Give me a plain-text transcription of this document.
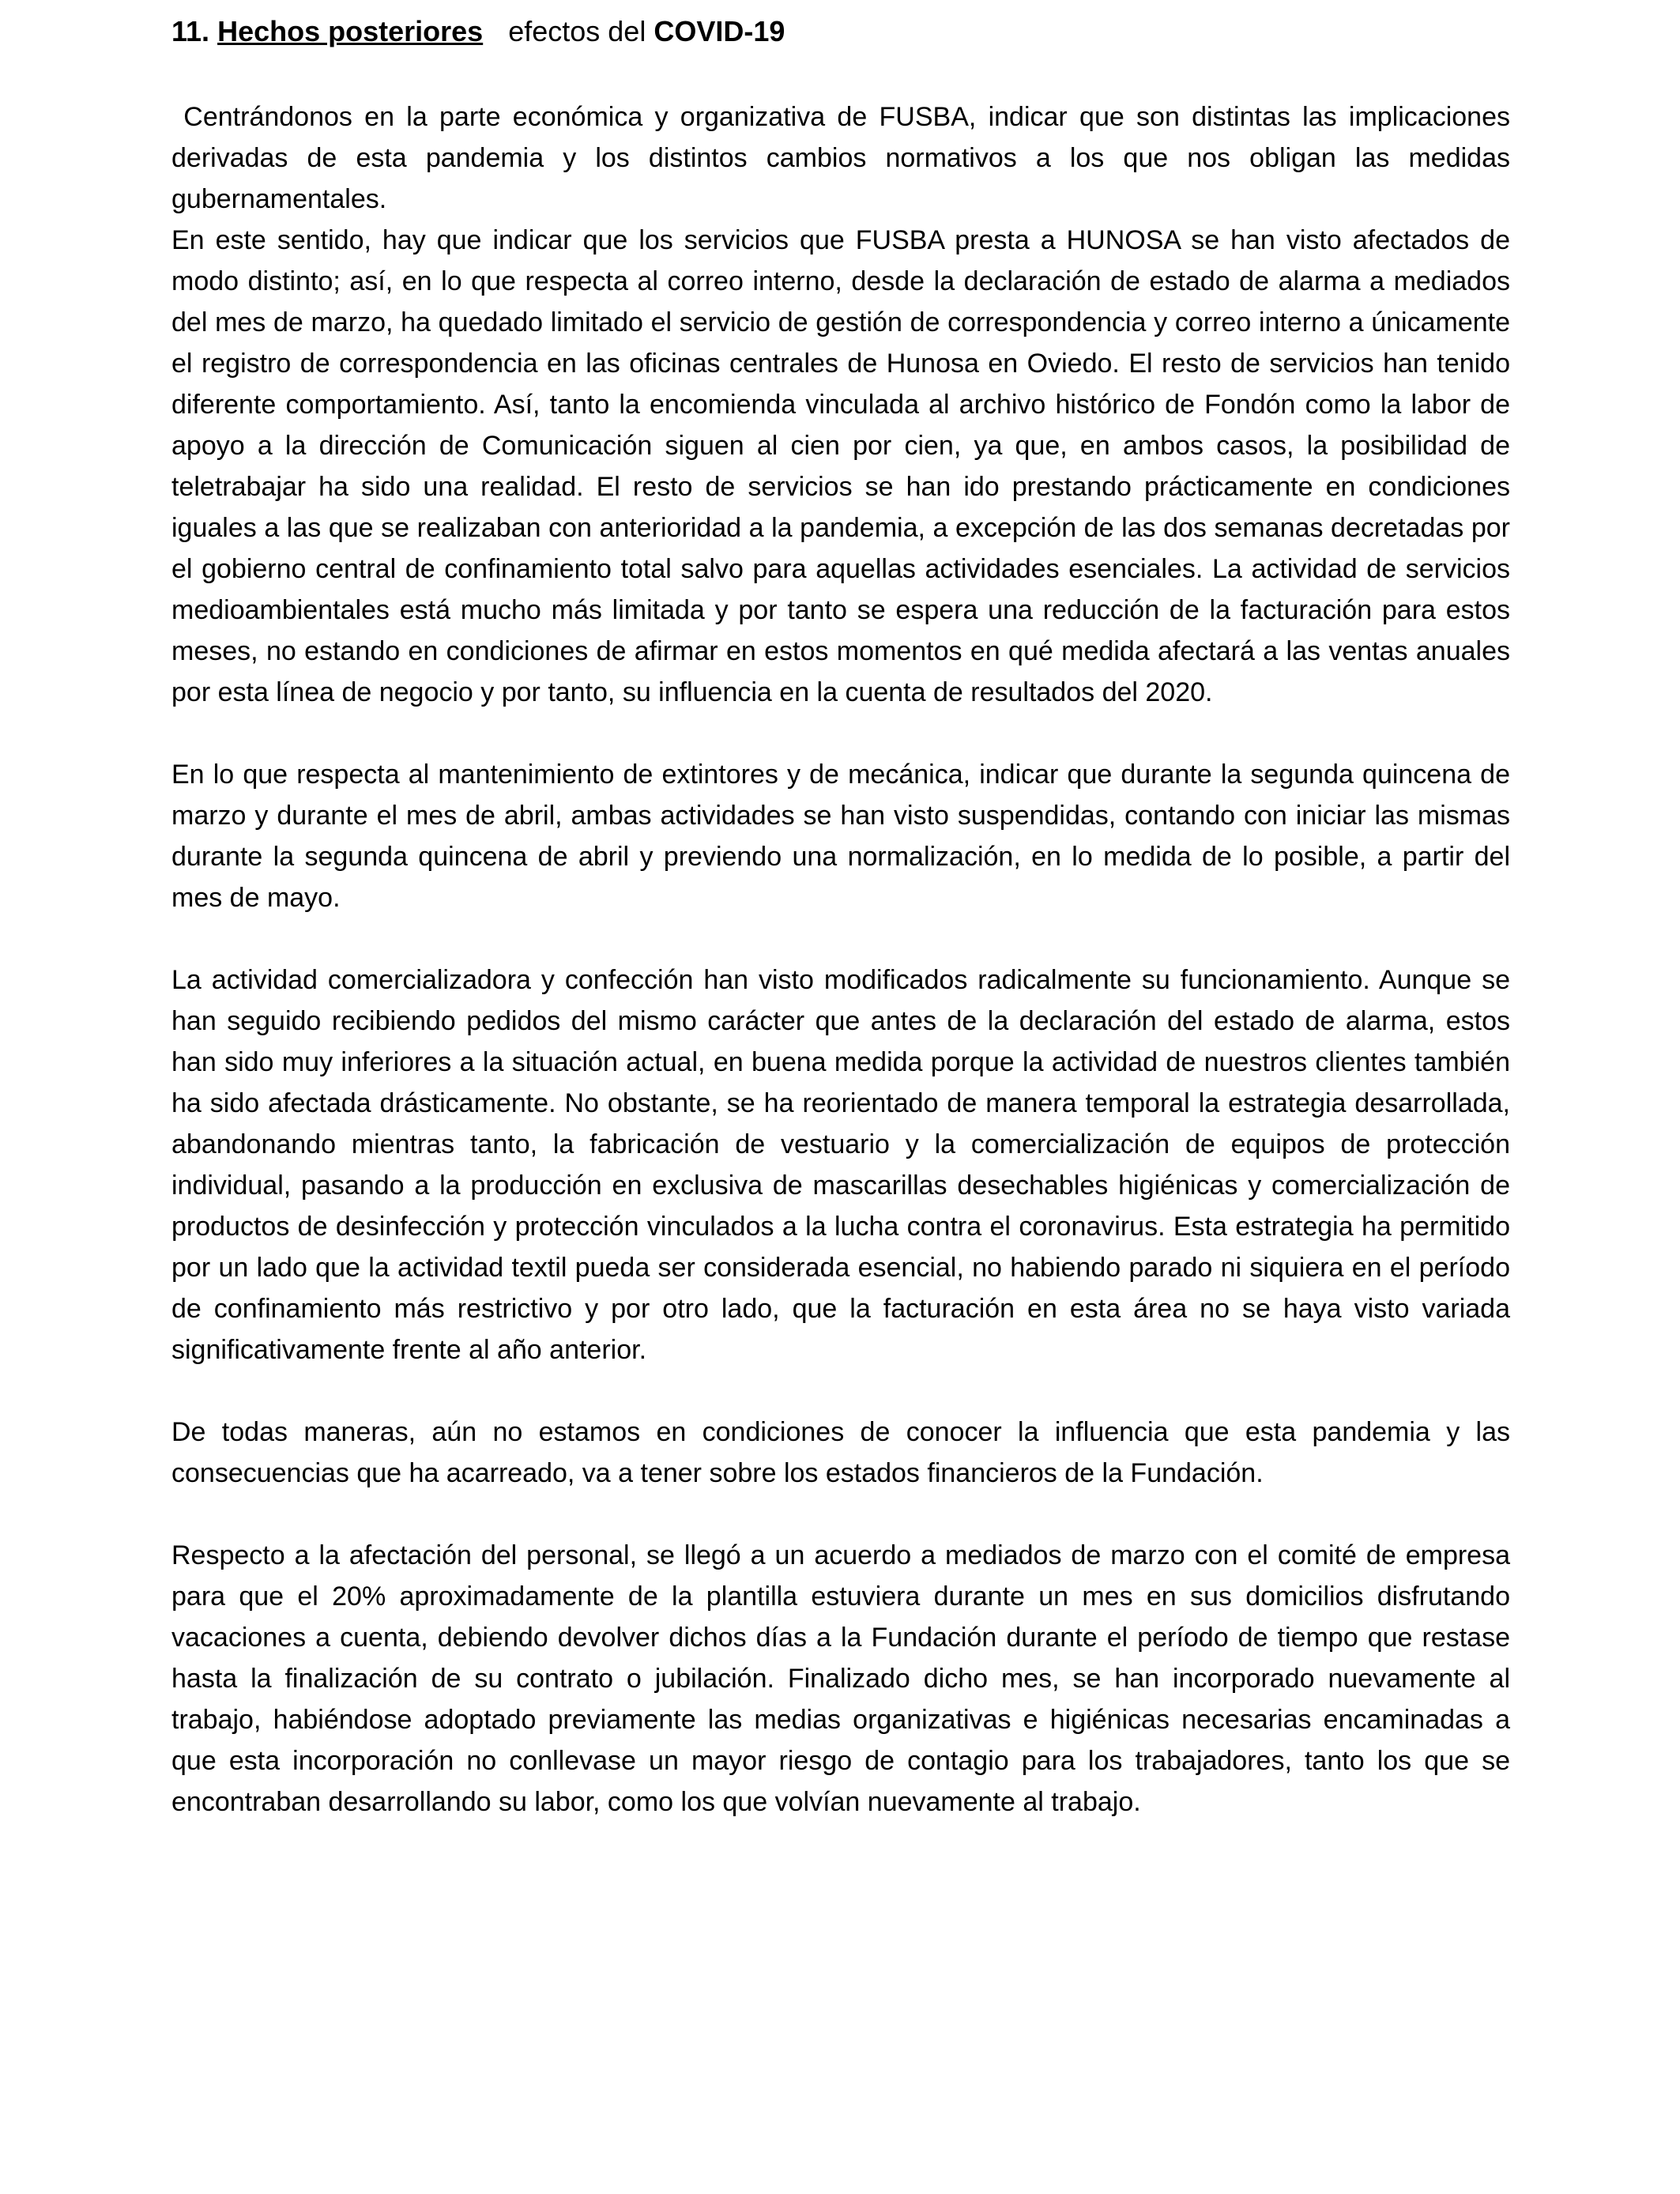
11. Hechos posteriores efectos del COVID-19

Centrándonos en la parte económica y organizativa de FUSBA, indicar que son distintas las implicaciones derivadas de esta pandemia y los distintos cambios normativos a los que nos obligan las medidas gubernamentales.

En este sentido, hay que indicar que los servicios que FUSBA presta a HUNOSA se han visto afectados de modo distinto; así, en lo que respecta al correo interno, desde la declaración de estado de alarma a mediados del mes de marzo, ha quedado limitado el servicio de gestión de correspondencia y correo interno a únicamente el registro de correspondencia en las oficinas centrales de Hunosa en Oviedo. El resto de servicios han tenido diferente comportamiento. Así, tanto la encomienda vinculada al archivo histórico de Fondón como la labor de apoyo a la dirección de Comunicación siguen al cien por cien, ya que, en ambos casos, la posibilidad de teletrabajar ha sido una realidad. El resto de servicios se han ido prestando prácticamente en condiciones iguales a las que se realizaban con anterioridad a la pandemia, a excepción de las dos semanas decretadas por el gobierno central de confinamiento total salvo para aquellas actividades esenciales. La actividad de servicios medioambientales está mucho más limitada y por tanto se espera una reducción de la facturación para estos meses, no estando en condiciones de afirmar en estos momentos en qué medida afectará a las ventas anuales por esta línea de negocio y por tanto, su influencia en la cuenta de resultados del 2020.

En lo que respecta al mantenimiento de extintores y de mecánica, indicar que durante la segunda quincena de marzo y durante el mes de abril, ambas actividades se han visto suspendidas, contando con iniciar las mismas durante la segunda quincena de abril y previendo una normalización, en lo medida de lo posible, a partir del mes de mayo.

La actividad comercializadora y confección han visto modificados radicalmente su funcionamiento. Aunque se han seguido recibiendo pedidos del mismo carácter que antes de la declaración del estado de alarma, estos han sido muy inferiores a la situación actual, en buena medida porque la actividad de nuestros clientes también ha sido afectada drásticamente. No obstante, se ha reorientado de manera temporal la estrategia desarrollada, abandonando mientras tanto, la fabricación de vestuario y la comercialización de equipos de protección individual, pasando a la producción en exclusiva de mascarillas desechables higiénicas y comercialización de productos de desinfección y protección vinculados a la lucha contra el coronavirus. Esta estrategia ha permitido por un lado que la actividad textil pueda ser considerada esencial, no habiendo parado ni siquiera en el período de confinamiento más restrictivo y por otro lado, que la facturación en esta área no se haya visto variada significativamente frente al año anterior.

De todas maneras, aún no estamos en condiciones de conocer la influencia que esta pandemia y las consecuencias que ha acarreado, va a tener sobre los estados financieros de la Fundación.

Respecto a la afectación del personal, se llegó a un acuerdo a mediados de marzo con el comité de empresa para que el 20% aproximadamente de la plantilla estuviera durante un mes en sus domicilios disfrutando vacaciones a cuenta, debiendo devolver dichos días a la Fundación durante el período de tiempo que restase hasta la finalización de su contrato o jubilación. Finalizado dicho mes, se han incorporado nuevamente al trabajo, habiéndose adoptado previamente las medias organizativas e higiénicas necesarias encaminadas a que esta incorporación no conllevase un mayor riesgo de contagio para los trabajadores, tanto los que se encontraban desarrollando su labor, como los que volvían nuevamente al trabajo.
